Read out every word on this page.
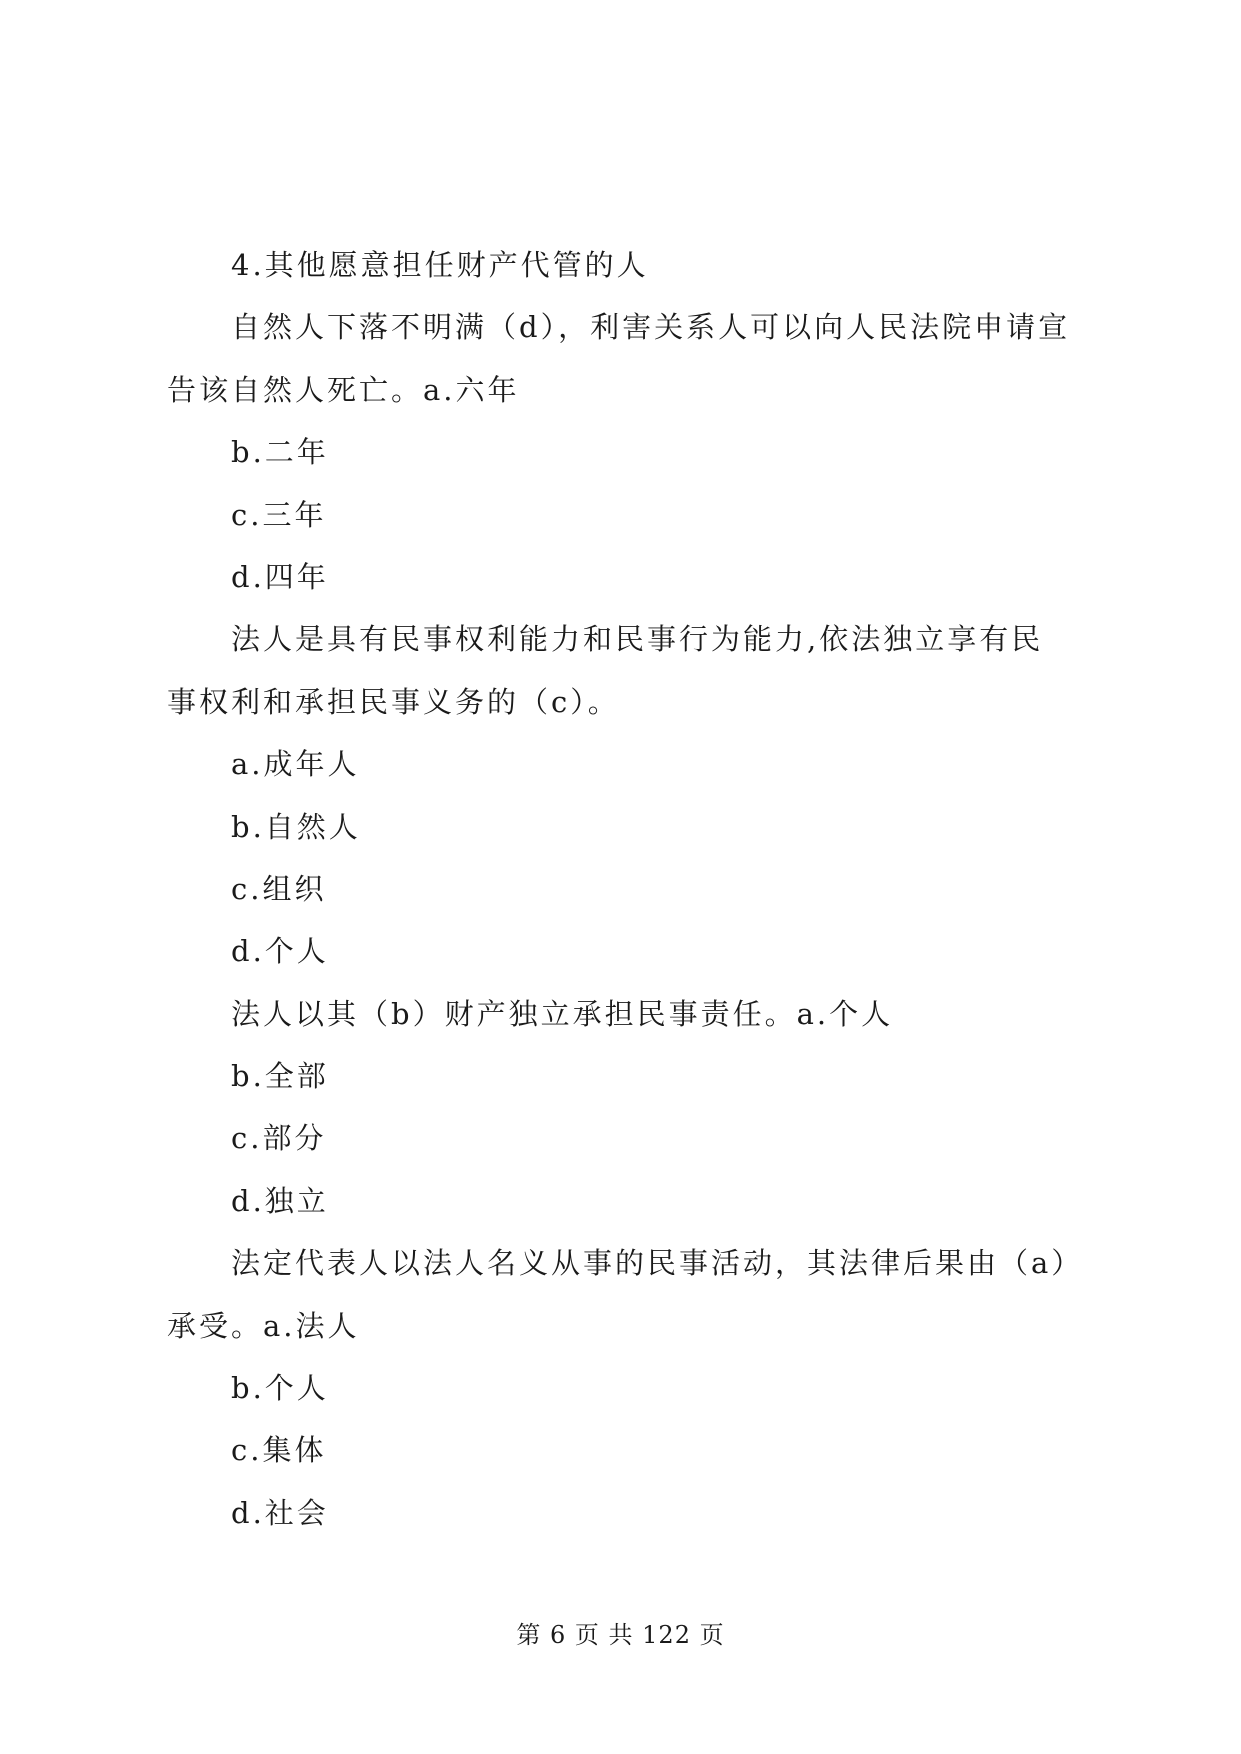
4.其他愿意担任财产代管的人
自然人下落不明满（d），利害关系人可以向人民法院申请宣
告该自然人死亡。a.六年
b.二年
c.三年
d.四年
法人是具有民事权利能力和民事行为能力,依法独立享有民
事权利和承担民事义务的（c）。
a.成年人
b.自然人
c.组织
d.个人
法人以其（b）财产独立承担民事责任。a.个人
b.全部
c.部分
d.独立
法定代表人以法人名义从事的民事活动，其法律后果由（a）
承受。a.法人
b.个人
c.集体
d.社会
第 6 页 共 122 页
